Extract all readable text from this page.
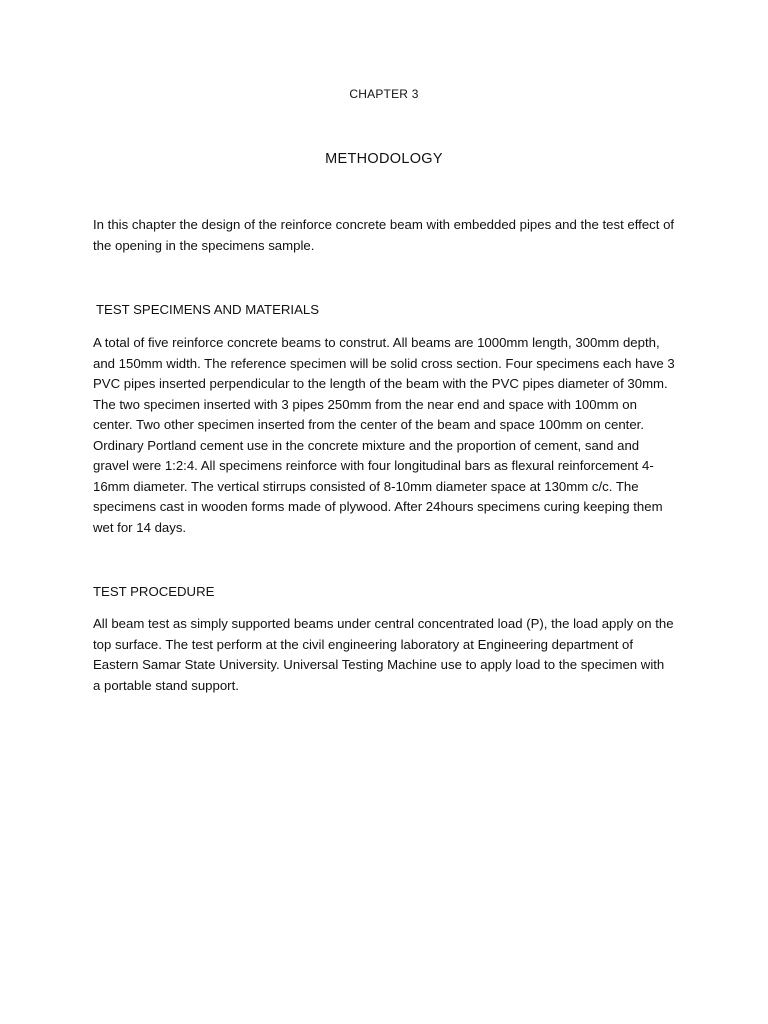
CHAPTER 3
METHODOLOGY

In this chapter the design of the reinforce concrete beam with embedded pipes and the test effect of the opening in the specimens sample.

TEST SPECIMENS AND MATERIALS

A total of five reinforce concrete beams to construt. All beams are 1000mm length, 300mm depth, and 150mm width. The reference specimen will be solid cross section. Four specimens each have 3 PVC pipes inserted perpendicular to the length of the beam with the PVC pipes diameter of 30mm. The two specimen inserted with 3 pipes 250mm from the near end and space with 100mm on center. Two other specimen inserted from the center of the beam and space 100mm on center. Ordinary Portland cement use in the concrete mixture and the proportion of cement, sand and gravel were 1:2:4. All specimens reinforce with four longitudinal bars as flexural reinforcement 4-16mm diameter. The vertical stirrups consisted of 8-10mm diameter space at 130mm c/c. The specimens cast in wooden forms made of plywood. After 24hours specimens curing keeping them wet for 14 days.

TEST PROCEDURE

All beam test as simply supported beams under central concentrated load (P), the load apply on the top surface. The test perform at the civil engineering laboratory at Engineering department of Eastern Samar State University. Universal Testing Machine use to apply load to the specimen with a portable stand support.
